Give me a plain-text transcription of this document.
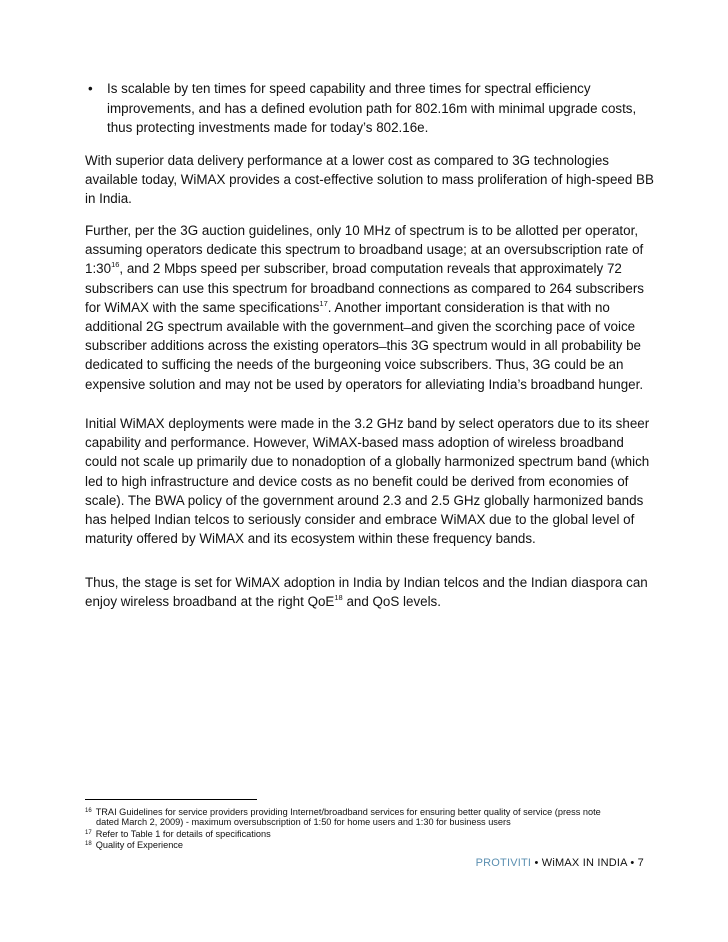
• Is scalable by ten times for speed capability and three times for spectral efficiency improvements, and has a defined evolution path for 802.16m with minimal upgrade costs, thus protecting investments made for today’s 802.16e.

With superior data delivery performance at a lower cost as compared to 3G technologies available today, WiMAX provides a cost-effective solution to mass proliferation of high-speed BB in India.

Further, per the 3G auction guidelines, only 10 MHz of spectrum is to be allotted per operator, assuming operators dedicate this spectrum to broadband usage; at an oversubscription rate of $1:30^{16}$, and 2 Mbps speed per subscriber, broad computation reveals that approximately 72 subscribers can use this spectrum for broadband connections as compared to 264 subscribers for WiMAX with the same specifications$^{17}$. Another important consideration is that with no additional 2G spectrum available with the government ̶ and given the scorching pace of voice subscriber additions across the existing operators ̶ this 3G spectrum would in all probability be dedicated to sufficing the needs of the burgeoning voice subscribers. Thus, 3G could be an expensive solution and may not be used by operators for alleviating India’s broadband hunger.

Initial WiMAX deployments were made in the 3.2 GHz band by select operators due to its sheer capability and performance. However, WiMAX-based mass adoption of wireless broadband could not scale up primarily due to nonadoption of a globally harmonized spectrum band (which led to high infrastructure and device costs as no benefit could be derived from economies of scale). The BWA policy of the government around 2.3 and 2.5 GHz globally harmonized bands has helped Indian telcos to seriously consider and embrace WiMAX due to the global level of maturity offered by WiMAX and its ecosystem within these frequency bands.

Thus, the stage is set for WiMAX adoption in India by Indian telcos and the Indian diaspora can enjoy wireless broadband at the right QoE$^{18}$ and QoS levels.

$^{16}$ TRAI Guidelines for service providers providing Internet/broadband services for ensuring better quality of service (press note

dated March 2, 2009) - maximum oversubscription of 1:50 for home users and 1:30 for business users

$^{17}$ Refer to Table 1 for details of specifications

$^{18}$ Quality of Experience

PROTIVITI • WiMAX IN INDIA • 7
